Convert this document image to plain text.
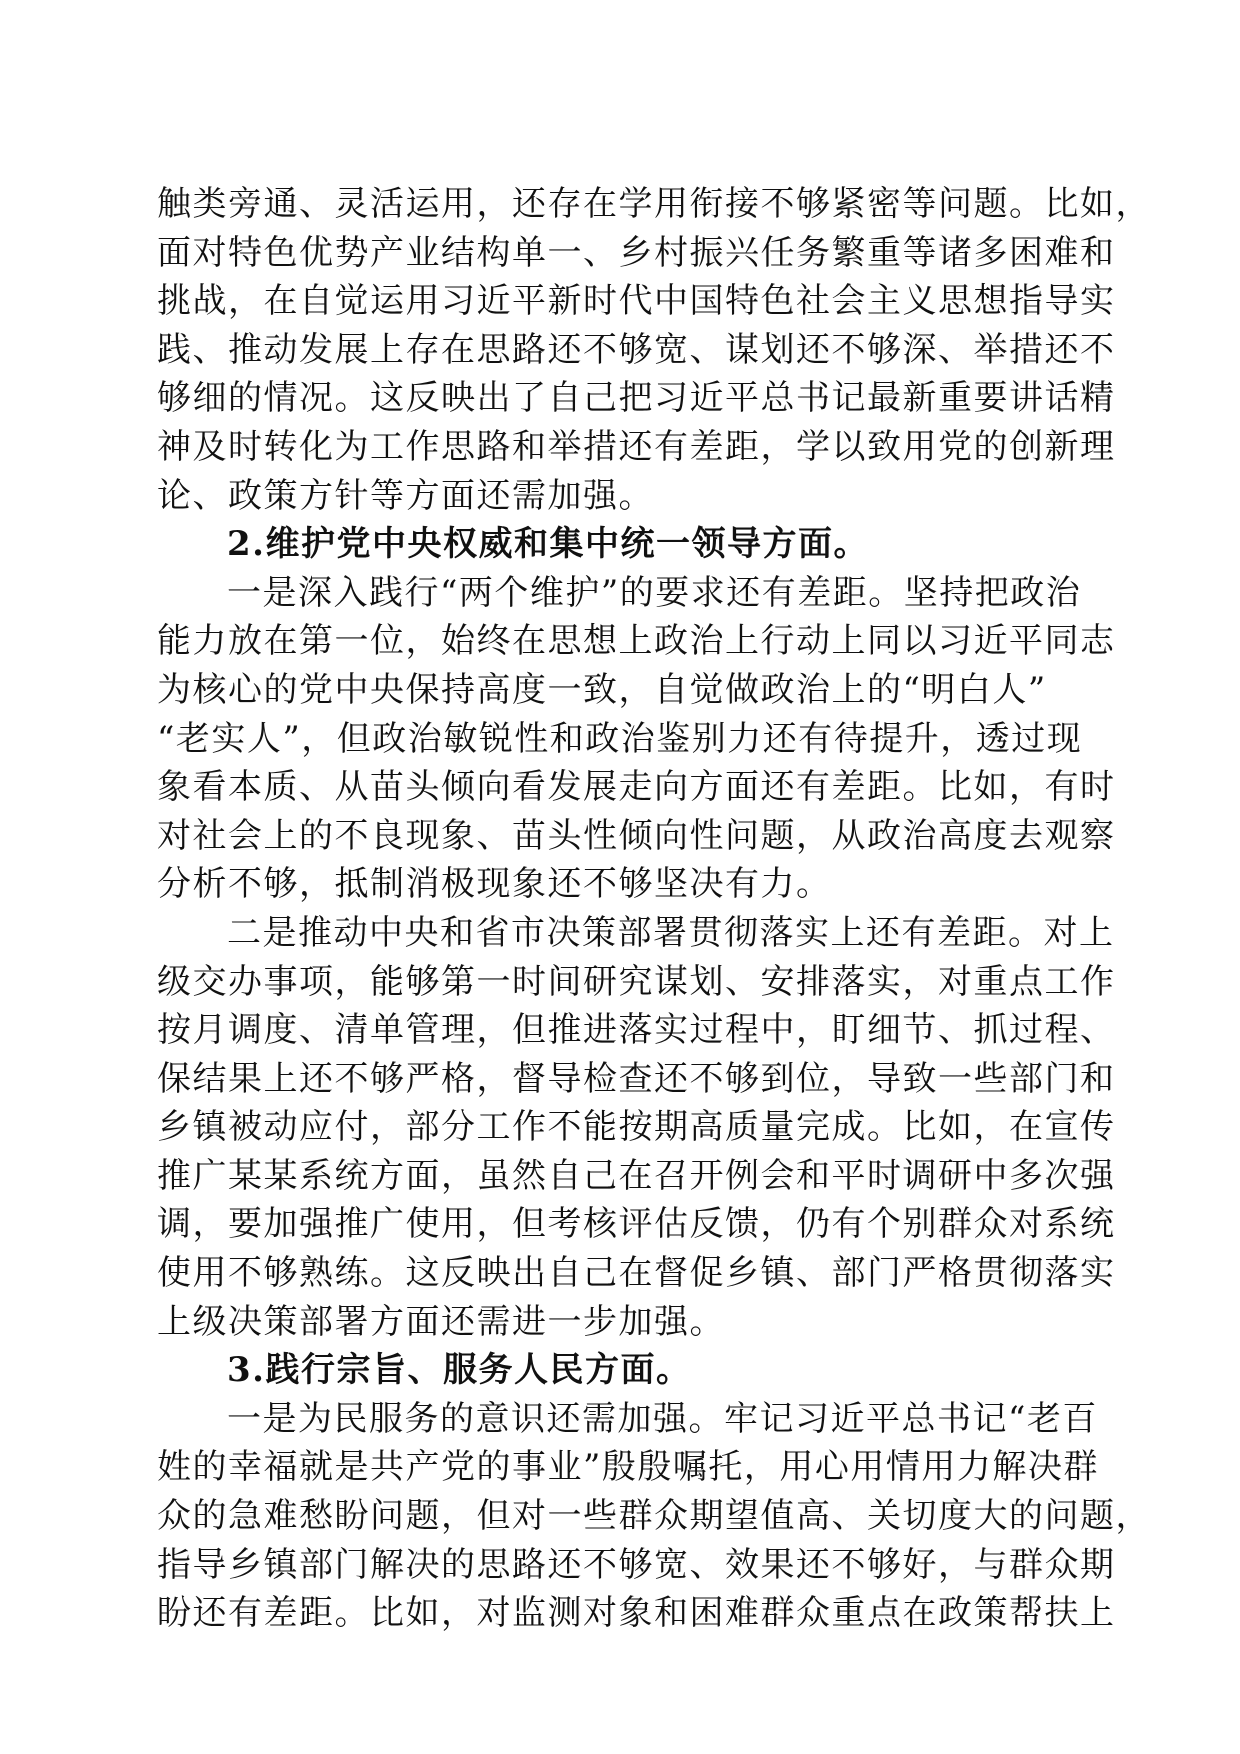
触类旁通、灵活运用，还存在学用衔接不够紧密等问题。比如，
面对特色优势产业结构单一、乡村振兴任务繁重等诸多困难和
挑战，在自觉运用习近平新时代中国特色社会主义思想指导实
践、推动发展上存在思路还不够宽、谋划还不够深、举措还不
够细的情况。这反映出了自己把习近平总书记最新重要讲话精
神及时转化为工作思路和举措还有差距，学以致用党的创新理
论、政策方针等方面还需加强。
2.维护党中央权威和集中统一领导方面。
一是深入践行“两个维护”的要求还有差距。坚持把政治
能力放在第一位，始终在思想上政治上行动上同以习近平同志
为核心的党中央保持高度一致，自觉做政治上的“明白人”
“老实人”，但政治敏锐性和政治鉴别力还有待提升，透过现
象看本质、从苗头倾向看发展走向方面还有差距。比如，有时
对社会上的不良现象、苗头性倾向性问题，从政治高度去观察
分析不够，抵制消极现象还不够坚决有力。
二是推动中央和省市决策部署贯彻落实上还有差距。对上
级交办事项，能够第一时间研究谋划、安排落实，对重点工作
按月调度、清单管理，但推进落实过程中，盯细节、抓过程、
保结果上还不够严格，督导检查还不够到位，导致一些部门和
乡镇被动应付，部分工作不能按期高质量完成。比如，在宣传
推广某某系统方面，虽然自己在召开例会和平时调研中多次强
调，要加强推广使用，但考核评估反馈，仍有个别群众对系统
使用不够熟练。这反映出自己在督促乡镇、部门严格贯彻落实
上级决策部署方面还需进一步加强。
3.践行宗旨、服务人民方面。
一是为民服务的意识还需加强。牢记习近平总书记“老百
姓的幸福就是共产党的事业”殷殷嘱托，用心用情用力解决群
众的急难愁盼问题，但对一些群众期望值高、关切度大的问题，
指导乡镇部门解决的思路还不够宽、效果还不够好，与群众期
盼还有差距。比如，对监测对象和困难群众重点在政策帮扶上
